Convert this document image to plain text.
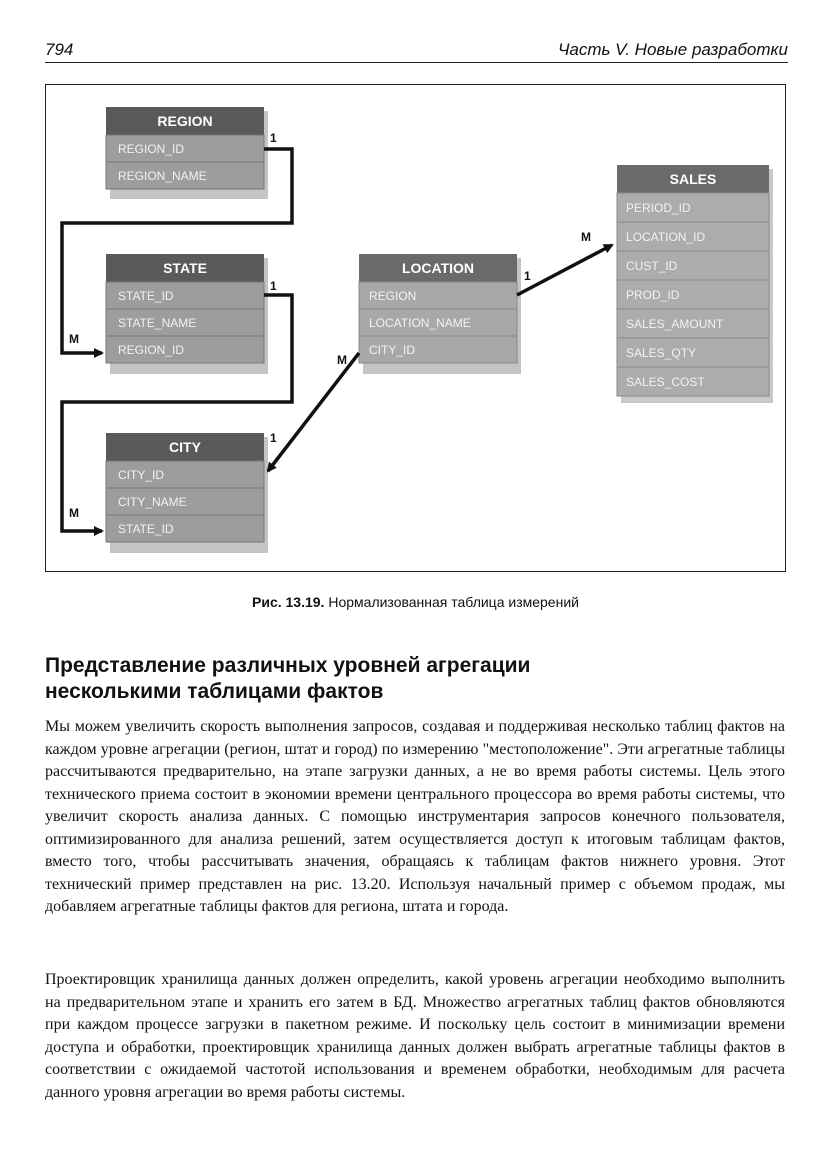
794	Часть V. Новые разработки
REGION
REGION_ID
REGION_NAME
STATE
STATE_ID
STATE_NAME
REGION_ID
CITY
CITY_ID
CITY_NAME
STATE_ID
LOCATION
REGION
LOCATION_NAME
CITY_ID
SALES
PERIOD_ID
LOCATION_ID
CUST_ID
PROD_ID
SALES_AMOUNT
SALES_QTY
SALES_COST
1
M
1
M
1
M
1
M
Рис. 13.19. Нормализованная таблица измерений
Представление различных уровней агрегации
несколькими таблицами фактов

Мы можем увеличить скорость выполнения запросов, создавая и поддерживая несколько таблиц фактов на каждом уровне агрегации (регион, штат и город) по измерению "местоположение". Эти агрегатные таблицы рассчитываются предварительно, на этапе загрузки данных, а не во время работы системы. Цель этого технического приема состоит в экономии времени центрального процессора во время работы системы, что увеличит скорость анализа данных. С помощью инструментария запросов конечного пользователя, оптимизированного для анализа решений, затем осуществляется доступ к итоговым таблицам фактов, вместо того, чтобы рассчитывать значения, обращаясь к таблицам фактов нижнего уровня. Этот технический пример представлен на рис. 13.20. Используя начальный пример с объемом продаж, мы добавляем агрегатные таблицы фактов для региона, штата и города.

Проектировщик хранилища данных должен определить, какой уровень агрегации необходимо выполнить на предварительном этапе и хранить его затем в БД. Множество агрегатных таблиц фактов обновляются при каждом процессе загрузки в пакетном режиме. И поскольку цель состоит в минимизации времени доступа и обработки, проектировщик хранилища данных должен выбрать агрегатные таблицы фактов в соответствии с ожидаемой частотой использования и временем обработки, необходимым для расчета данного уровня агрегации во время работы системы.
